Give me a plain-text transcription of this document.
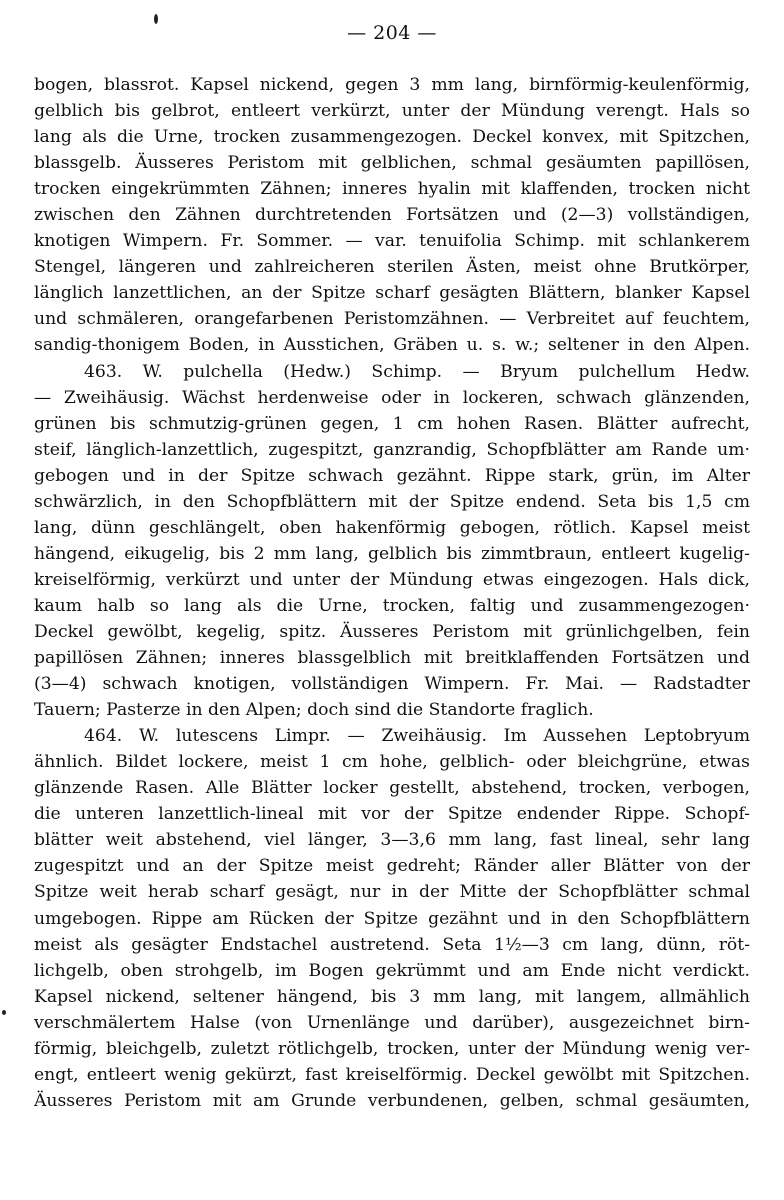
— 204 —
bogen, blassrot. Kapsel nickend, gegen 3 mm lang, birnförmig-keulenförmig,
gelblich bis gelbrot, entleert verkürzt, unter der Mündung verengt. Hals so
lang als die Urne, trocken zusammengezogen. Deckel konvex, mit Spitzchen,
blassgelb. Äusseres Peristom mit gelblichen, schmal gesäumten papillösen,
trocken eingekrümmten Zähnen; inneres hyalin mit klaffenden, trocken nicht
zwischen den Zähnen durchtretenden Fortsätzen und (2—3) vollständigen,
knotigen Wimpern. Fr. Sommer. — var. tenuifolia Schimp. mit schlankerem
Stengel, längeren und zahlreicheren sterilen Ästen, meist ohne Brutkörper,
länglich lanzettlichen, an der Spitze scharf gesägten Blättern, blanker Kapsel
und schmäleren, orangefarbenen Peristomzähnen. — Verbreitet auf feuchtem,
sandig-thonigem Boden, in Ausstichen, Gräben u. s. w.; seltener in den Alpen.
463. W. pulchella (Hedw.) Schimp. — Bryum pulchellum Hedw.
— Zweihäusig. Wächst herdenweise oder in lockeren, schwach glänzenden,
grünen bis schmutzig-grünen gegen, 1 cm hohen Rasen. Blätter aufrecht,
steif, länglich-lanzettlich, zugespitzt, ganzrandig, Schopfblätter am Rande um·
gebogen und in der Spitze schwach gezähnt. Rippe stark, grün, im Alter
schwärzlich, in den Schopfblättern mit der Spitze endend. Seta bis 1,5 cm
lang, dünn geschlängelt, oben hakenförmig gebogen, rötlich. Kapsel meist
hängend, eikugelig, bis 2 mm lang, gelblich bis zimmtbraun, entleert kugelig-
kreiselförmig, verkürzt und unter der Mündung etwas eingezogen. Hals dick,
kaum halb so lang als die Urne, trocken, faltig und zusammengezogen·
Deckel gewölbt, kegelig, spitz. Äusseres Peristom mit grünlichgelben, fein
papillösen Zähnen; inneres blassgelblich mit breitklaffenden Fortsätzen und
(3—4) schwach knotigen, vollständigen Wimpern. Fr. Mai. — Radstadter
Tauern; Pasterze in den Alpen; doch sind die Standorte fraglich.
464. W. lutescens Limpr. — Zweihäusig. Im Aussehen Leptobryum
ähnlich. Bildet lockere, meist 1 cm hohe, gelblich- oder bleichgrüne, etwas
glänzende Rasen. Alle Blätter locker gestellt, abstehend, trocken, verbogen,
die unteren lanzettlich-lineal mit vor der Spitze endender Rippe. Schopf-
blätter weit abstehend, viel länger, 3—3,6 mm lang, fast lineal, sehr lang
zugespitzt und an der Spitze meist gedreht; Ränder aller Blätter von der
Spitze weit herab scharf gesägt, nur in der Mitte der Schopfblätter schmal
umgebogen. Rippe am Rücken der Spitze gezähnt und in den Schopfblättern
meist als gesägter Endstachel austretend. Seta 1½—3 cm lang, dünn, röt-
lichgelb, oben strohgelb, im Bogen gekrümmt und am Ende nicht verdickt.
Kapsel nickend, seltener hängend, bis 3 mm lang, mit langem, allmählich
verschmälertem Halse (von Urnenlänge und darüber), ausgezeichnet birn-
förmig, bleichgelb, zuletzt rötlichgelb, trocken, unter der Mündung wenig ver-
engt, entleert wenig gekürzt, fast kreiselförmig. Deckel gewölbt mit Spitzchen.
Äusseres Peristom mit am Grunde verbundenen, gelben, schmal gesäumten,
